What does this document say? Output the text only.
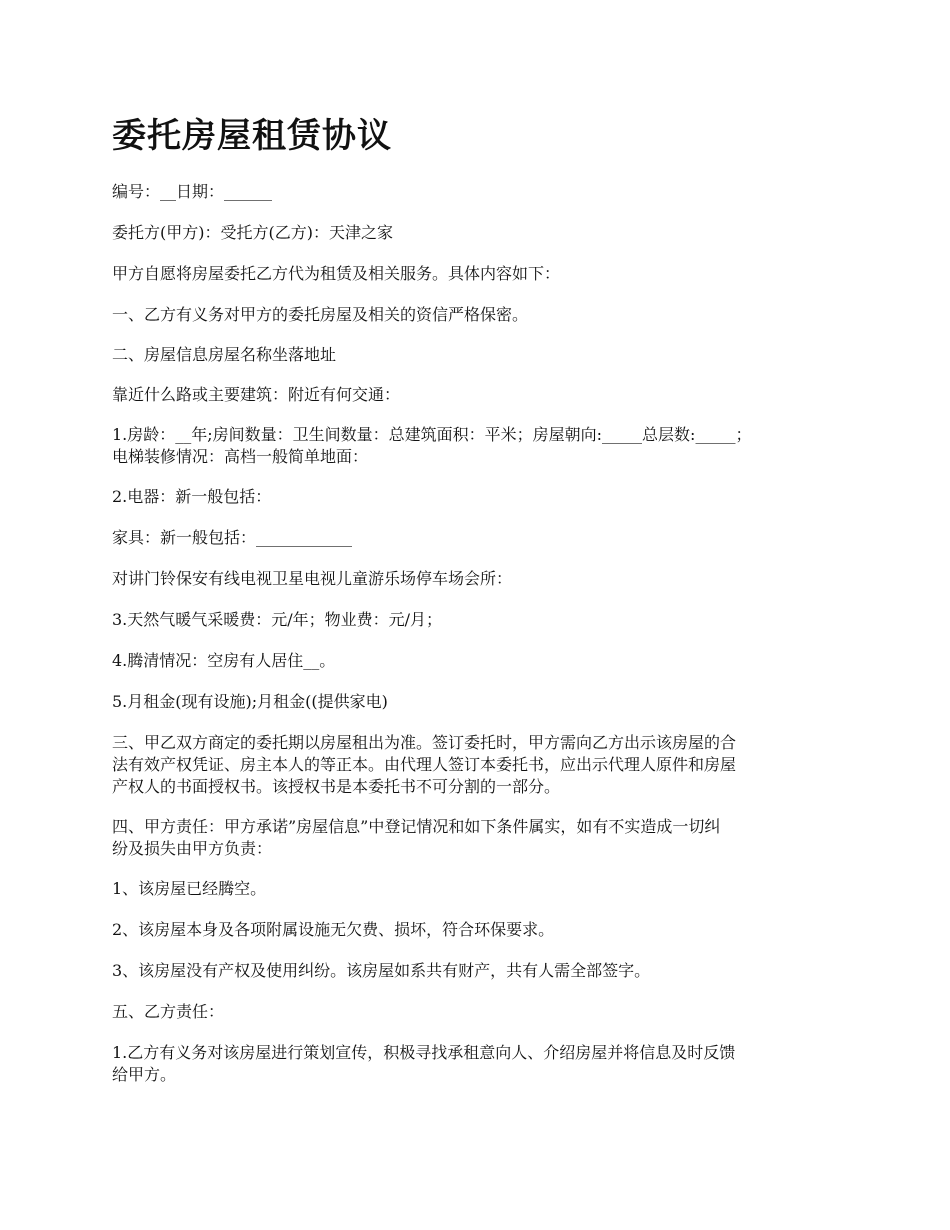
委托房屋租赁协议

编号：__日期：______

委托方(甲方)：受托方(乙方)：天津之家

甲方自愿将房屋委托乙方代为租赁及相关服务。具体内容如下：

一、乙方有义务对甲方的委托房屋及相关的资信严格保密。

二、房屋信息房屋名称坐落地址

靠近什么路或主要建筑：附近有何交通：

1.房龄：__年;房间数量：卫生间数量：总建筑面积：平米；房屋朝向:_____总层数:_____；
电梯装修情况：高档一般简单地面：

2.电器：新一般包括：

家具：新一般包括：____________

对讲门铃保安有线电视卫星电视儿童游乐场停车场会所：

3.天然气暖气采暖费：元/年；物业费：元/月；

4.腾清情况：空房有人居住__。

5.月租金(现有设施);月租金((提供家电)

三、甲乙双方商定的委托期以房屋租出为准。签订委托时，甲方需向乙方出示该房屋的合
法有效产权凭证、房主本人的等正本。由代理人签订本委托书，应出示代理人原件和房屋
产权人的书面授权书。该授权书是本委托书不可分割的一部分。
四、甲方责任：甲方承诺”房屋信息”中登记情况和如下条件属实，如有不实造成一切纠
纷及损失由甲方负责：

1、该房屋已经腾空。

2、该房屋本身及各项附属设施无欠费、损坏，符合环保要求。

3、该房屋没有产权及使用纠纷。该房屋如系共有财产，共有人需全部签字。

五、乙方责任：

1.乙方有义务对该房屋进行策划宣传，积极寻找承租意向人、介绍房屋并将信息及时反馈
给甲方。
